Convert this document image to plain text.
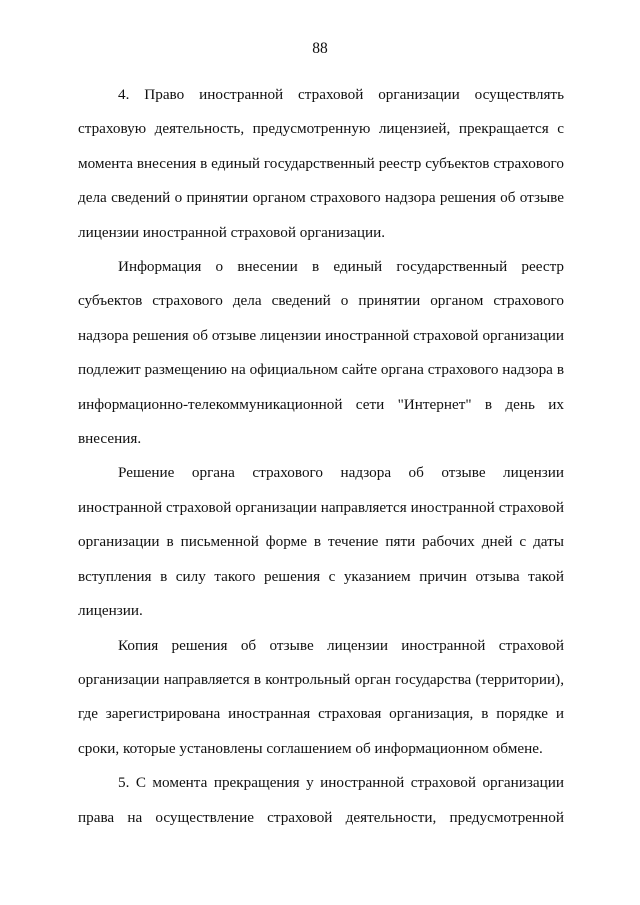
88

4. Право иностранной страховой организации осуществлять страховую деятельность, предусмотренную лицензией, прекращается с момента внесения в единый государственный реестр субъектов страхового дела сведений о принятии органом страхового надзора решения об отзыве лицензии иностранной страховой организации.

Информация о внесении в единый государственный реестр субъектов страхового дела сведений о принятии органом страхового надзора решения об отзыве лицензии иностранной страховой организации подлежит размещению на официальном сайте органа страхового надзора в информационно-телекоммуникационной сети "Интернет" в день их внесения.

Решение органа страхового надзора об отзыве лицензии иностранной страховой организации направляется иностранной страховой организации в письменной форме в течение пяти рабочих дней с даты вступления в силу такого решения с указанием причин отзыва такой лицензии.

Копия решения об отзыве лицензии иностранной страховой организации направляется в контрольный орган государства (территории), где зарегистрирована иностранная страховая организация, в порядке и сроки, которые установлены соглашением об информационном обмене.

5. С момента прекращения у иностранной страховой организации права на осуществление страховой деятельности, предусмотренной
